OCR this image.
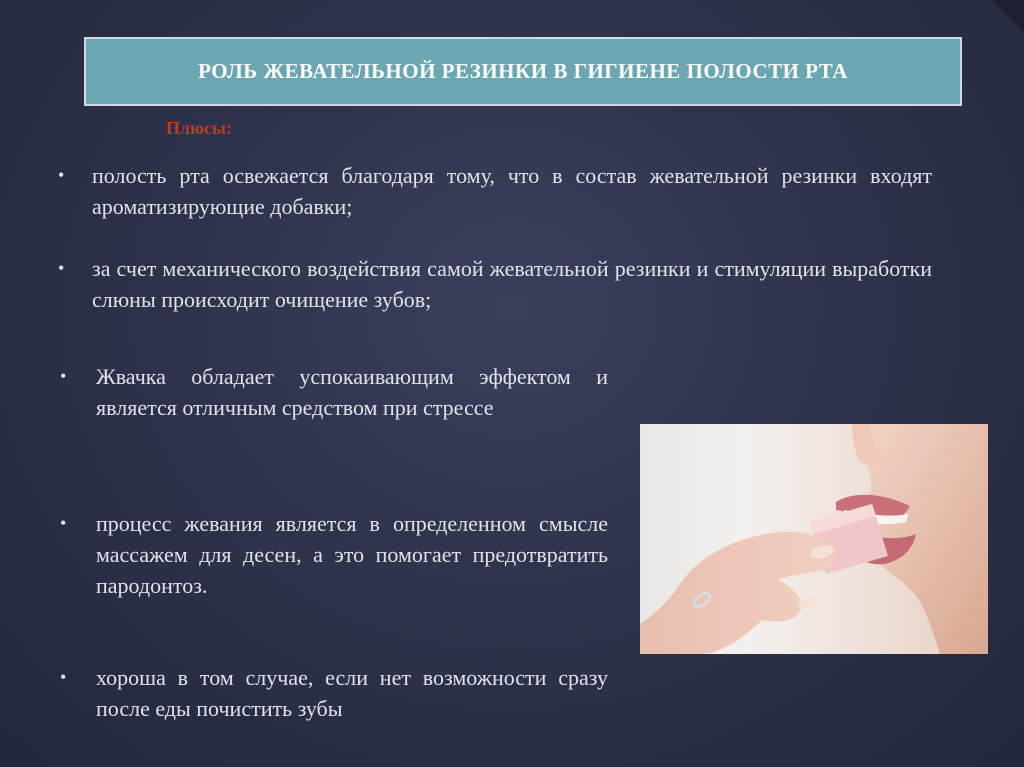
РОЛЬ ЖЕВАТЕЛЬНОЙ РЕЗИНКИ В ГИГИЕНЕ ПОЛОСТИ РТА
Плюсы:
•	полость рта освежается благодаря тому, что в состав жевательной резинки входят ароматизирующие добавки;
•	за счет механического воздействия самой жевательной резинки и стимуляции выработки слюны происходит очищение зубов;
•	Жвачка обладает успокаивающим эффектом и является отличным средством при стрессе
•	процесс жевания является в определенном смысле массажем для десен, а это помогает предотвратить пародонтоз.
•	хороша в том случае, если нет возможности сразу после еды почистить зубы
